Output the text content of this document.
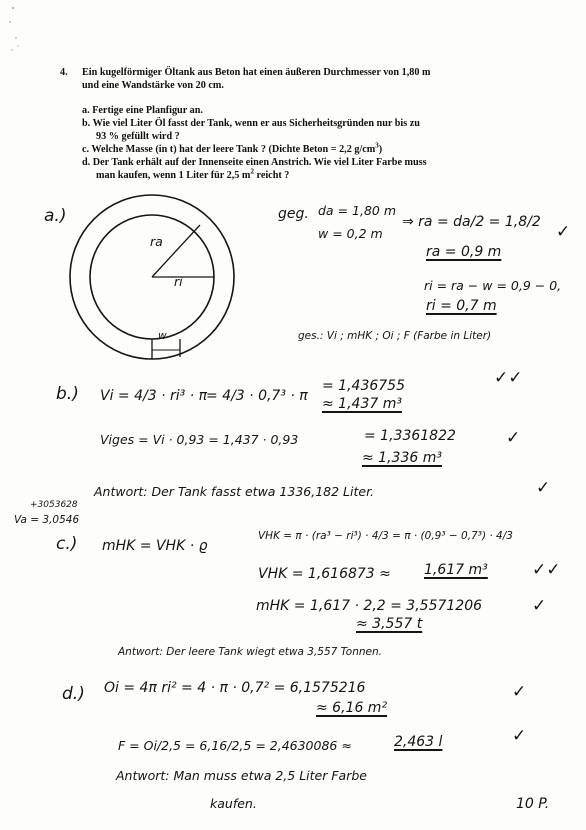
4. Ein kugelförmiger Öltank aus Beton hat einen äußeren Durchmesser von 1,80 m
und eine Wandstärke von 20 cm.
a. Fertige eine Planfigur an.
b. Wie viel Liter Öl fasst der Tank, wenn er aus Sicherheitsgründen nur bis zu
93 % gefüllt wird ?
c. Welche Masse (in t) hat der leere Tank ? (Dichte Beton = 2,2 $g/cm^3$)
d. Der Tank erhält auf der Innenseite einen Anstrich. Wie viel Liter Farbe muss
man kaufen, wenn 1 Liter für 2,5 $m^2$ reicht ?
a.)
ra
ri
w
geg. da = 1,80 m
w = 0,2 m
⇒ ra = da/2 = 1,8/2
ra = 0,9 m
✓
ri = ra − w = 0,9 − 0,
ri = 0,7 m
ges.: Vi ; mHK ; Oi ; F (Farbe in Liter)
b.) Vi = 4/3 · ri³ · π
= 4/3 · 0,7³ · π
= 1,436755
≈ 1,437 m³
✓✓
Viges = Vi · 0,93 = 1,437 · 0,93	= 1,3361822
≈ 1,336 m³
✓
Antwort: Der Tank fasst etwa 1336,182 Liter.	✓
+3053628
Va = 3,0546
c.) mHK = VHK · ϱ
VHK = π · (ra³ − ri³) · 4/3 = π · (0,9³ − 0,7³) · 4/3
VHK = 1,616873 ≈ 1,617 m³	✓✓
mHK = 1,617 · 2,2 = 3,5571206
≈ 3,557 t
✓
Antwort: Der leere Tank wiegt etwa 3,557 Tonnen.
d.) Oi = 4π ri² = 4 · π · 0,7² = 6,1575216
≈ 6,16 m²
✓
F = Oi/2,5 = 6,16/2,5 = 2,4630086 ≈	2,463 l	✓
Antwort: Man muss etwa 2,5 Liter Farbe
kaufen.	10 P.
